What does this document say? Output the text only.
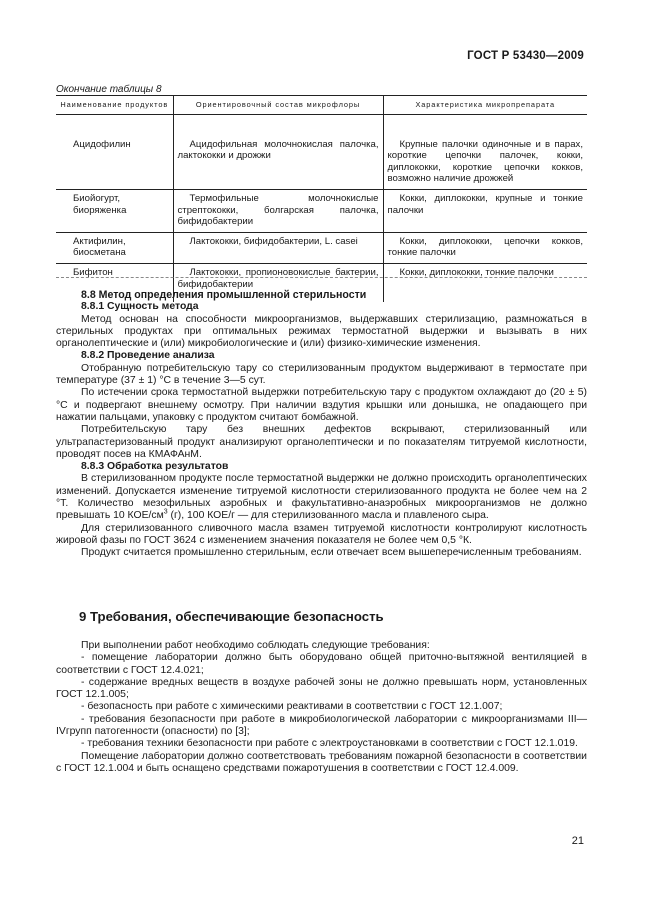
ГОСТ Р 53430—2009
Окончание таблицы 8
Наименование продуктов	Ориентировочный состав микрофлоры	Характеристика микропрепарата
Ацидофилин	Ацидофильная молочнокислая палочка, лактококки и дрожжи	Крупные палочки одиночные и в парах, короткие цепочки палочек, кокки, диплококки, короткие цепочки кокков, возможно наличие дрожжей
Биойогурт, биоряженка	Термофильные молочнокислые стрептококки, болгарская палочка, бифидобактерии	Кокки, диплококки, крупные и тонкие палочки
Актифилин, биосметана	Лактококки, бифидобактерии, L. casei	Кокки, диплококки, цепочки кокков, тонкие палочки
Бифитон	Лактококки, пропионовокислые бактерии, бифидобактерии	Кокки, диплококки, тонкие палочки

8.8 Метод определения промышленной стерильности

8.8.1 Сущность метода

Метод основан на способности микроорганизмов, выдержавших стерилизацию, размножаться в стерильных продуктах при оптимальных режимах термостатной выдержки и вызывать в них органолептические и (или) микробиологические и (или) физико-химические изменения.

8.8.2 Проведение анализа

Отобранную потребительскую тару со стерилизованным продуктом выдерживают в термостате при температуре (37 ± 1) °С в течение 3—5 сут.

По истечении срока термостатной выдержки потребительскую тару с продуктом охлаждают до (20 ± 5) °С и подвергают внешнему осмотру. При наличии вздутия крышки или донышка, не опадающего при нажатии пальцами, упаковку с продуктом считают бомбажной.

Потребительскую тару без внешних дефектов вскрывают, стерилизованный или ультрапастеризованный продукт анализируют органолептически и по показателям титруемой кислотности, проводят посев на КМАФАнМ.

8.8.3 Обработка результатов

В стерилизованном продукте после термостатной выдержки не должно происходить органолептических изменений. Допускается изменение титруемой кислотности стерилизованного продукта не более чем на 2 °Т. Количество мезофильных аэробных и факультативно-анаэробных микроорганизмов не должно превышать 10 КОЕ/$см^3$ (г), 100 КОЕ/г — для стерилизованного масла и плавленого сыра.

Для стерилизованного сливочного масла взамен титруемой кислотности контролируют кислотность жировой фазы по ГОСТ 3624 с изменением значения показателя не более чем 0,5 °К.

Продукт считается промышленно стерильным, если отвечает всем вышеперечисленным требованиям.

9 Требования, обеспечивающие безопасность

При выполнении работ необходимо соблюдать следующие требования:

- помещение лаборатории должно быть оборудовано общей приточно-вытяжной вентиляцией в соответствии с ГОСТ 12.4.021;

- содержание вредных веществ в воздухе рабочей зоны не должно превышать норм, установленных ГОСТ 12.1.005;

- безопасность при работе с химическими реактивами в соответствии с ГОСТ 12.1.007;

- требования безопасности при работе в микробиологической лаборатории с микроорганизмами III—IVгрупп патогенности (опасности) по [3];

- требования техники безопасности при работе с электроустановками в соответствии с ГОСТ 12.1.019.

Помещение лаборатории должно соответствовать требованиям пожарной безопасности в соответствии с ГОСТ 12.1.004 и быть оснащено средствами пожаротушения в соответствии с ГОСТ 12.4.009.

21
